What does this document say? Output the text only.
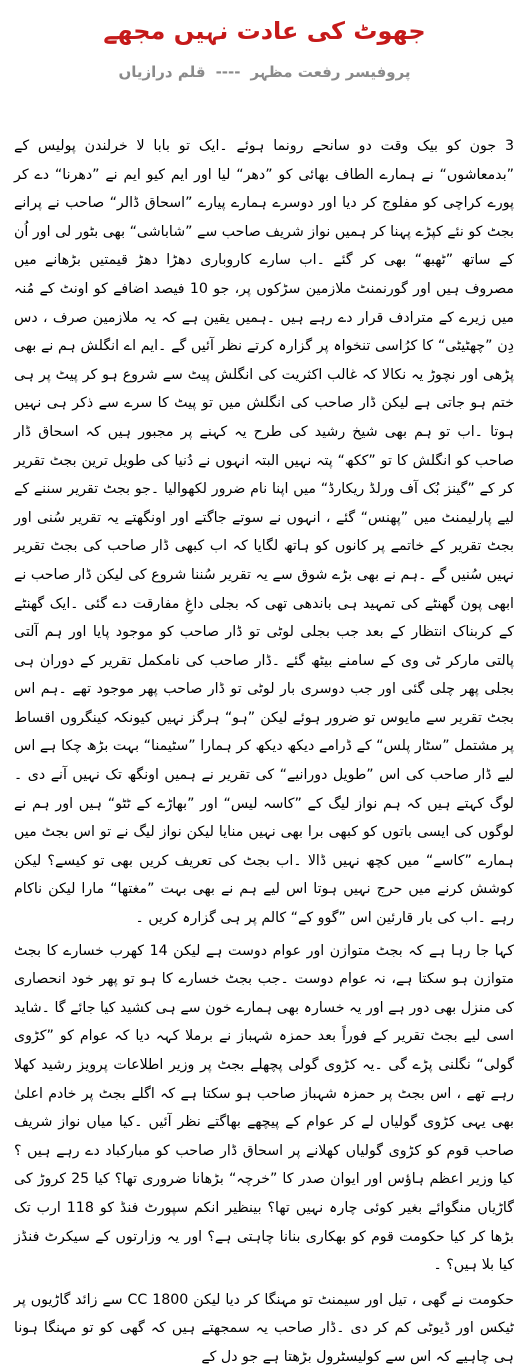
جھوٹ کی عادت نہیں مجھے
پروفیسر رفعت مظہر
----
قلم درازیاں

3 جون کو بیک وقت دو سانحے رونما ہوئے ۔ایک تو بابا لا خرلندن پولیس کے ”بدمعاشوں“ نے ہمارے الطاف بھائی کو ”دھر“ لیا اور ایم کیو ایم نے ”دھرنا“ دے کر پورے کراچی کو مفلوج کر دیا اور دوسرے ہمارے پیارے ”اسحاق ڈالر“ صاحب نے پرانے بجٹ کو نئے کپڑے پہنا کر ہمیں نواز شریف صاحب سے ”شاباشی“ بھی بٹور لی اور اُن کے ساتھ ”ٹھبھ“ بھی کر گئے ۔اب سارے کاروباری دھڑا دھڑ قیمتیں بڑھانے میں مصروف ہیں اور گورنمنٹ ملازمین سڑکوں پر، جو 10 فیصد اضافے کو اونٹ کے مُنہ میں زیرے کے مترادف قرار دے رہے ہیں ۔ہمیں یقین ہے کہ یہ ملازمین صرف ، دس دِن ”چھٹیٹی“ کا کرُاسی تنخواہ پر گزارہ کرتے نظر آئیں گے ۔ایم اے انگلش ہم نے بھی پڑھی اور نچوڑ یہ نکالا کہ غالب اکثریت کی انگلش پیٹ سے شروع ہو کر پیٹ پر ہی ختم ہو جاتی ہے لیکن ڈار صاحب کی انگلش میں تو پیٹ کا سرے سے ذکر ہی نہیں ہوتا ۔اب تو ہم بھی شیخ رشید کی طرح یہ کہنے پر مجبور ہیں کہ اسحاق ڈار صاحب کو انگلش کا تو ”ککھ“ پتہ نہیں البتہ انہوں نے دُنیا کی طویل ترین بجٹ تقریر کر کے ”گینز بُک آف ورلڈ ریکارڈ“ میں اپنا نام ضرور لکھوالیا ۔جو بجٹ تقریر سننے کے لیے پارلیمنٹ میں ”پھنس“ گئے ، انہوں نے سوتے جاگتے اور اونگھتے یہ تقریر سُنی اور بجٹ تقریر کے خاتمے پر کانوں کو ہاتھ لگایا کہ اب کبھی ڈار صاحب کی بجٹ تقریر نہیں سُنیں گے ۔ہم نے بھی بڑے شوق سے یہ تقریر سُننا شروع کی لیکن ڈار صاحب نے ابھی پون گھنٹے کی تمہید ہی باندھی تھی کہ بجلی داغِ مفارقت دے گئی ۔ایک گھنٹے کے کربناک انتظار کے بعد جب بجلی لوٹی تو ڈار صاحب کو موجود پایا اور ہم آلتی پالتی مارکر ٹی وی کے سامنے بیٹھ گئے ۔ڈار صاحب کی نامکمل تقریر کے دوران ہی بجلی پھر چلی گئی اور جب دوسری بار لوٹی تو ڈار صاحب پھر موجود تھے ۔ہم اس بجٹ تقریر سے مایوس تو ضرور ہوئے لیکن ”ہو“ ہرگز نہیں کیونکہ کینگروں اقساط پر مشتمل ”سٹار پلس“ کے ڈرامے دیکھ دیکھ کر ہمارا ”سٹیمنا“ بہت بڑھ چکا ہے اس لیے ڈار صاحب کی اس ”طویل دورانیے“ کی تقریر نے ہمیں اونگھ تک نہیں آنے دی ۔لوگ کہتے ہیں کہ ہم نواز لیگ کے ”کاسہ لیس“ اور ”بھاڑے کے ٹٹو“ ہیں اور ہم نے لوگوں کی ایسی باتوں کو کبھی برا بھی نہیں منایا لیکن نواز لیگ نے تو اس بجٹ میں ہمارے ”کاسے“ میں کچھ نہیں ڈالا ۔اب بجٹ کی تعریف کریں بھی تو کیسے؟ لیکن کوشش کرنے میں حرج نہیں ہوتا اس لیے ہم نے بھی بہت ”مغتھا“ مارا لیکن ناکام رہے ۔اب کی بار قارئین اس ”گوو کے“ کالم پر ہی گزارہ کریں ۔

کہا جا رہا ہے کہ بجٹ متوازن اور عوام دوست ہے لیکن 14 کھرب خسارے کا بجٹ متوازن ہو سکتا ہے، نہ عوام دوست ۔جب بجٹ خسارے کا ہو تو پھر خود انحصاری کی منزل بھی دور ہے اور یہ خسارہ بھی ہمارے خون سے ہی کشید کیا جائے گا ۔شاید اسی لیے بجٹ تقریر کے فوراً بعد حمزہ شہباز نے برملا کہہ دیا کہ عوام کو ”کڑوی گولی“ نگلنی پڑے گی ۔یہ کڑوی گولی پچھلے بجٹ پر وزیر اطلاعات پرویز رشید کھلا رہے تھے ، اس بجٹ پر حمزہ شہباز صاحب ہو سکتا ہے کہ اگلے بجٹ پر خادم اعلیٰ بھی یہی کڑوی گولیاں لے کر عوام کے پیچھے بھاگتے نظر آئیں ۔کیا میاں نواز شریف صاحب قوم کو کڑوی گولیاں کھلانے پر اسحاق ڈار صاحب کو مبارکباد دے رہے ہیں ؟ کیا وزیر اعظم ہاؤس اور ایوان صدر کا ”خرچہ“ بڑھانا ضروری تھا؟ کیا 25 کروڑ کی گاڑیاں منگوائے بغیر کوئی چارہ نہیں تھا؟ بینظیر انکم سپورٹ فنڈ کو 118 ارب تک بڑھا کر کیا حکومت قوم کو بھکاری بنانا چاہتی ہے؟ اور یہ وزارتوں کے سیکرٹ فنڈز کیا بلا ہیں؟ ۔

حکومت نے گھی ، تیل اور سیمنٹ تو مہنگا کر دیا لیکن 1800 CC سے زائد گاڑیوں پر ٹیکس اور ڈیوٹی کم کر دی ۔ڈار صاحب یہ سمجھتے ہیں کہ گھی کو تو مہنگا ہونا ہی چاہیے کہ اس سے کولیسٹرول بڑھتا ہے جو دل کے
